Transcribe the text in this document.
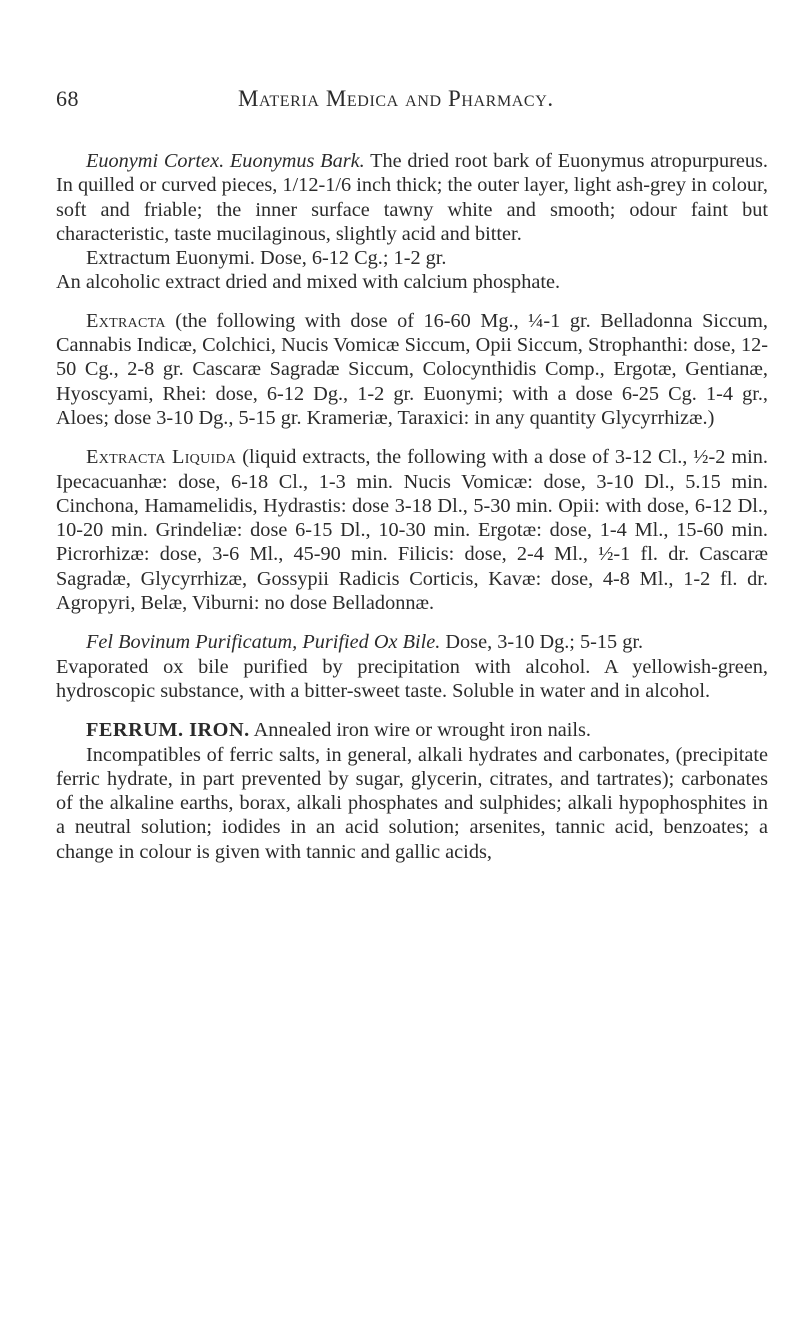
68	Materia Medica and Pharmacy.

Euonymi Cortex. Euonymus Bark. The dried root bark of Euonymus atropurpureus. In quilled or curved pieces, 1/12-1/6 inch thick; the outer layer, light ash-grey in colour, soft and friable; the inner surface tawny white and smooth; odour faint but characteristic, taste mucilaginous, slightly acid and bitter.

Extractum Euonymi. Dose, 6-12 Cg.; 1-2 gr.

An alcoholic extract dried and mixed with calcium phosphate.

Extracta (the following with dose of 16-60 Mg., ¼-1 gr. Belladonna Siccum, Cannabis Indicæ, Colchici, Nucis Vomicæ Siccum, Opii Siccum, Strophanthi: dose, 12-50 Cg., 2-8 gr. Cascaræ Sagradæ Siccum, Colocynthidis Comp., Ergotæ, Gentianæ, Hyoscyami, Rhei: dose, 6-12 Dg., 1-2 gr. Euonymi; with a dose 6-25 Cg. 1-4 gr., Aloes; dose 3-10 Dg., 5-15 gr. Krameriæ, Taraxici: in any quantity Glycyrrhizæ.)

Extracta Liquida (liquid extracts, the following with a dose of 3-12 Cl., ½-2 min. Ipecacuanhæ: dose, 6-18 Cl., 1-3 min. Nucis Vomicæ: dose, 3-10 Dl., 5.15 min. Cinchona, Hamamelidis, Hydrastis: dose 3-18 Dl., 5-30 min. Opii: with dose, 6-12 Dl., 10-20 min. Grindeliæ: dose 6-15 Dl., 10-30 min. Ergotæ: dose, 1-4 Ml., 15-60 min. Picrorhizæ: dose, 3-6 Ml., 45-90 min. Filicis: dose, 2-4 Ml., ½-1 fl. dr. Cascaræ Sagradæ, Glycyrrhizæ, Gossypii Radicis Corticis, Kavæ: dose, 4-8 Ml., 1-2 fl. dr. Agropyri, Belæ, Viburni: no dose Belladonnæ.

Fel Bovinum Purificatum, Purified Ox Bile. Dose, 3-10 Dg.; 5-15 gr.

Evaporated ox bile purified by precipitation with alcohol. A yellowish-green, hydroscopic substance, with a bitter-sweet taste. Soluble in water and in alcohol.

FERRUM. IRON. Annealed iron wire or wrought iron nails.

Incompatibles of ferric salts, in general, alkali hydrates and carbonates, (precipitate ferric hydrate, in part prevented by sugar, glycerin, citrates, and tartrates); carbonates of the alkaline earths, borax, alkali phosphates and sulphides; alkali hypophosphites in a neutral solution; iodides in an acid solution; arsenites, tannic acid, benzoates; a change in colour is given with tannic and gallic acids,
